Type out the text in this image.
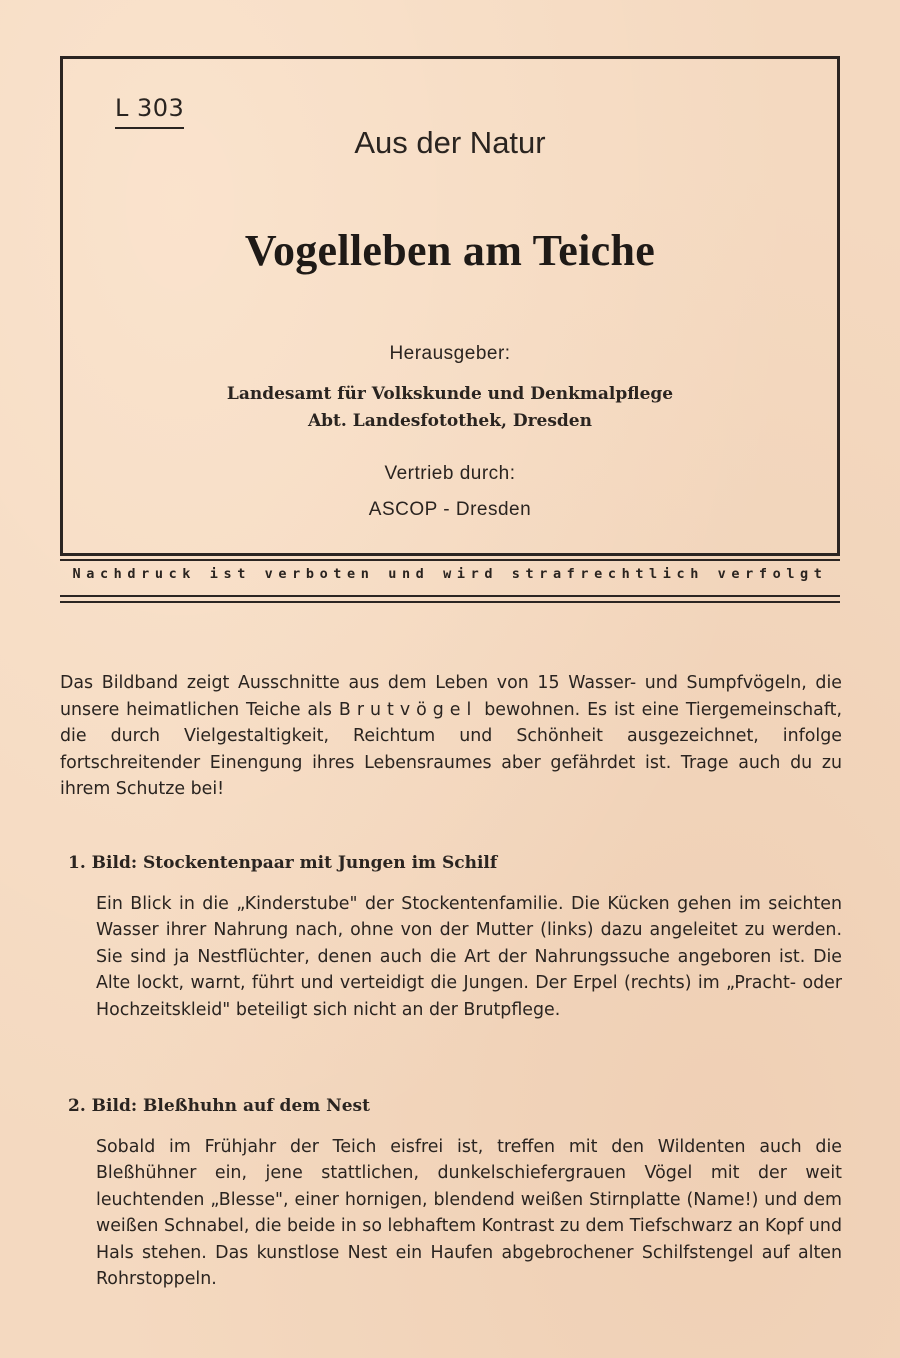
L 303
Aus der Natur
Vogelleben am Teiche
Herausgeber:
Landesamt für Volkskunde und Denkmalpflege
Abt. Landesfotothek, Dresden
Vertrieb durch:
ASCOP - Dresden
Nachdruck ist verboten und wird strafrechtlich verfolgt

Das Bildband zeigt Ausschnitte aus dem Leben von 15 Wasser- und Sumpfvögeln, die unsere heimatlichen Teiche als Brutvögel bewohnen. Es ist eine Tiergemeinschaft, die durch Vielgestaltigkeit, Reichtum und Schönheit ausgezeichnet, infolge fortschreitender Einengung ihres Lebensraumes aber gefährdet ist. Trage auch du zu ihrem Schutze bei!

1. Bild: Stockentenpaar mit Jungen im Schilf

Ein Blick in die „Kinderstube" der Stockentenfamilie. Die Kücken gehen im seichten Wasser ihrer Nahrung nach, ohne von der Mutter (links) dazu angeleitet zu werden. Sie sind ja Nestflüchter, denen auch die Art der Nahrungssuche angeboren ist. Die Alte lockt, warnt, führt und verteidigt die Jungen. Der Erpel (rechts) im „Pracht- oder Hochzeitskleid" beteiligt sich nicht an der Brutpflege.

2. Bild: Bleßhuhn auf dem Nest

Sobald im Frühjahr der Teich eisfrei ist, treffen mit den Wildenten auch die Bleßhühner ein, jene stattlichen, dunkelschiefergrauen Vögel mit der weit leuchtenden „Blesse", einer hornigen, blendend weißen Stirnplatte (Name!) und dem weißen Schnabel, die beide in so lebhaftem Kontrast zu dem Tiefschwarz an Kopf und Hals stehen. Das kunstlose Nest ein Haufen abgebrochener Schilfstengel auf alten Rohrstoppeln.
